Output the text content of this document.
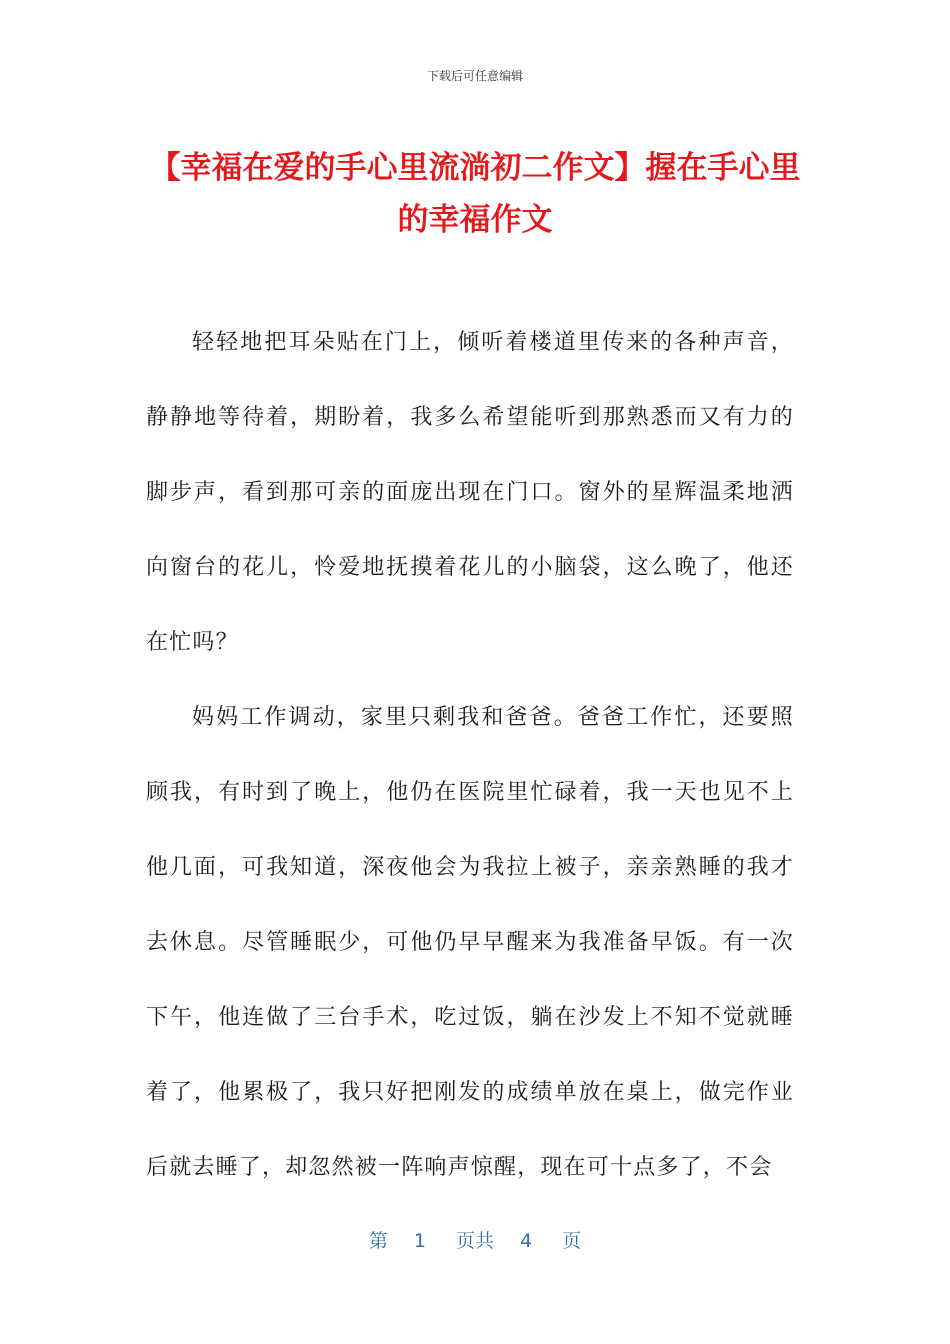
下载后可任意编辑
【幸福在爱的手心里流淌初二作文】握在手心里的幸福作文

轻轻地把耳朵贴在门上，倾听着楼道里传来的各种声音，静静地等待着，期盼着，我多么希望能听到那熟悉而又有力的脚步声，看到那可亲的面庞出现在门口。窗外的星辉温柔地洒向窗台的花儿，怜爱地抚摸着花儿的小脑袋，这么晚了，他还在忙吗？

妈妈工作调动，家里只剩我和爸爸。爸爸工作忙，还要照顾我，有时到了晚上，他仍在医院里忙碌着，我一天也见不上他几面，可我知道，深夜他会为我拉上被子，亲亲熟睡的我才去休息。尽管睡眠少，可他仍早早醒来为我准备早饭。有一次下午，他连做了三台手术，吃过饭，躺在沙发上不知不觉就睡着了，他累极了，我只好把刚发的成绩单放在桌上，做完作业后就去睡了，却忽然被一阵响声惊醒，现在可十点多了，不会

第 1 页共 4 页
